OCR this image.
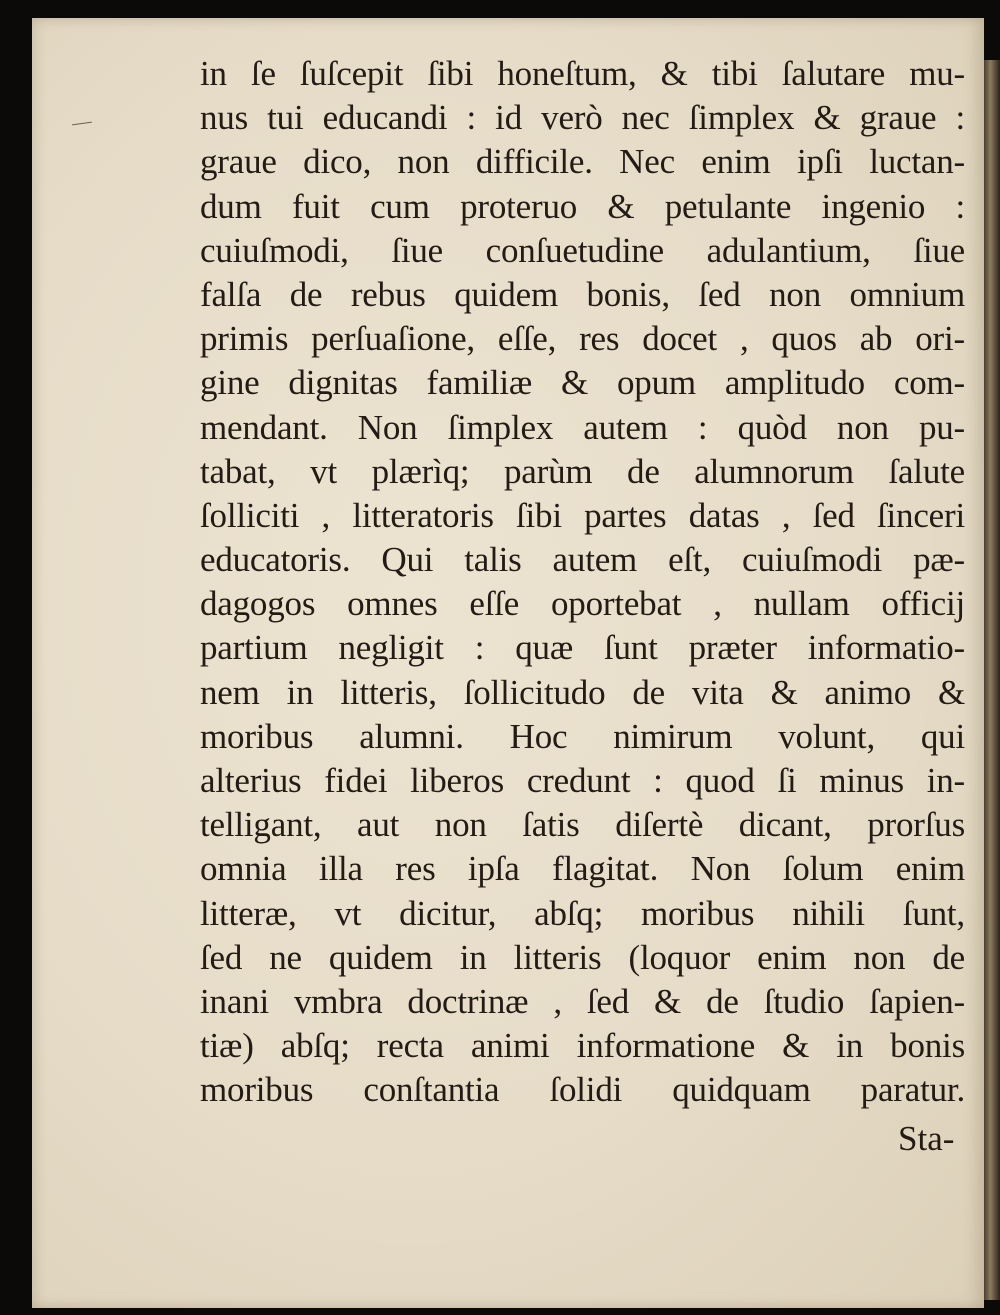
in ſe ſuſcepit ſibi honeſtum, & tibi ſalutare mu-
nus tui educandi : id verò nec ſimplex & graue :
graue dico, non difficile. Nec enim ipſi luctan-
dum fuit cum proteruo & petulante ingenio :
cuiuſmodi, ſiue conſuetudine adulantium, ſiue
falſa de rebus quidem bonis, ſed non omnium
primis perſuaſione, eſſe, res docet , quos ab ori-
gine dignitas familiæ & opum amplitudo com-
mendant. Non ſimplex autem : quòd non pu-
tabat, vt plærìq; parùm de alumnorum ſalute
ſolliciti , litteratoris ſibi partes datas , ſed ſinceri
educatoris. Qui talis autem eſt, cuiuſmodi pæ-
dagogos omnes eſſe oportebat , nullam officij
partium negligit : quæ ſunt præter informatio-
nem in litteris, ſollicitudo de vita & animo &
moribus alumni. Hoc nimirum volunt, qui
alterius fidei liberos credunt : quod ſi minus in-
telligant, aut non ſatis diſertè dicant, prorſus
omnia illa res ipſa flagitat. Non ſolum enim
litteræ, vt dicitur, abſq; moribus nihili ſunt,
ſed ne quidem in litteris (loquor enim non de
inani vmbra doctrinæ , ſed & de ſtudio ſapien-
tiæ) abſq; recta animi informatione & in bonis
moribus conſtantia ſolidi quidquam paratur.
Sta-
